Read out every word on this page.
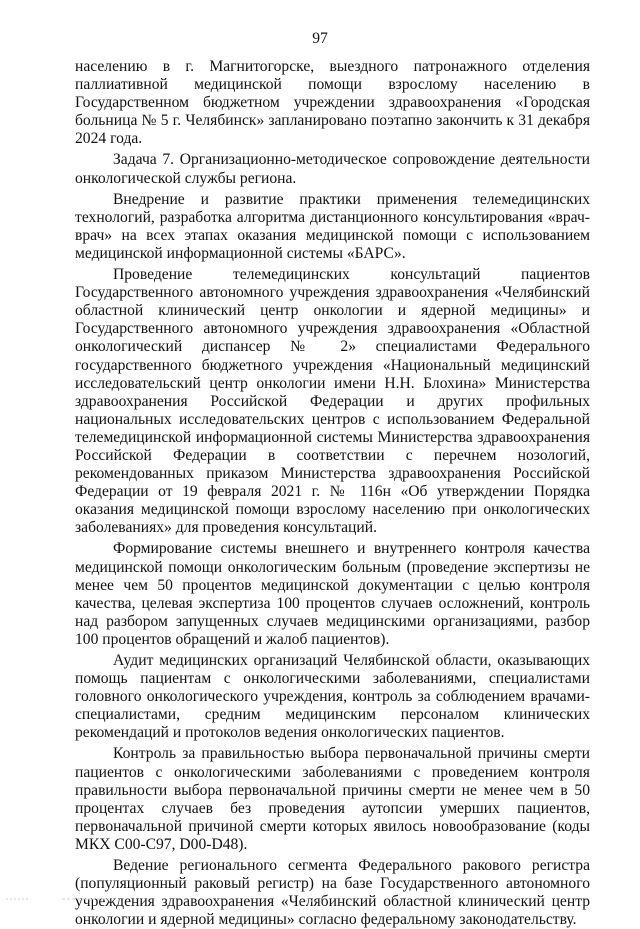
97

населению в г. Магнитогорске, выездного патронажного отделения паллиативной медицинской помощи взрослому населению в Государственном бюджетном учреждении здравоохранения «Городская больница № 5 г. Челябинск» запланировано поэтапно закончить к 31 декабря 2024 года.

Задача 7. Организационно-методическое сопровождение деятельности онкологической службы региона.

Внедрение и развитие практики применения телемедицинских технологий, разработка алгоритма дистанционного консультирования «врач-врач» на всех этапах оказания медицинской помощи с использованием медицинской информационной системы «БАРС».

Проведение телемедицинских консультаций пациентов Государственного автономного учреждения здравоохранения «Челябинский областной клинический центр онкологии и ядерной медицины» и Государственного автономного учреждения здравоохранения «Областной онкологический диспансер № 2» специалистами Федерального государственного бюджетного учреждения «Национальный медицинский исследовательский центр онкологии имени Н.Н. Блохина» Министерства здравоохранения Российской Федерации и других профильных национальных исследовательских центров с использованием Федеральной телемедицинской информационной системы Министерства здравоохранения Российской Федерации в соответствии с перечнем нозологий, рекомендованных приказом Министерства здравоохранения Российской Федерации от 19 февраля 2021 г. № 116н «Об утверждении Порядка оказания медицинской помощи взрослому населению при онкологических заболеваниях» для проведения консультаций.

Формирование системы внешнего и внутреннего контроля качества медицинской помощи онкологическим больным (проведение экспертизы не менее чем 50 процентов медицинской документации с целью контроля качества, целевая экспертиза 100 процентов случаев осложнений, контроль над разбором запущенных случаев медицинскими организациями, разбор 100 процентов обращений и жалоб пациентов).

Аудит медицинских организаций Челябинской области, оказывающих помощь пациентам с онкологическими заболеваниями, специалистами головного онкологического учреждения, контроль за соблюдением врачами-специалистами, средним медицинским персоналом клинических рекомендаций и протоколов ведения онкологических пациентов.

Контроль за правильностью выбора первоначальной причины смерти пациентов с онкологическими заболеваниями с проведением контроля правильности выбора первоначальной причины смерти не менее чем в 50 процентах случаев без проведения аутопсии умерших пациентов, первоначальной причиной смерти которых явилось новообразование (коды МКХ С00-С97, D00-D48).

Ведение регионального сегмента Федерального ракового регистра (популяционный раковый регистр) на базе Государственного автономного учреждения здравоохранения «Челябинский областной клинический центр онкологии и ядерной медицины» согласно федеральному законодательству.
